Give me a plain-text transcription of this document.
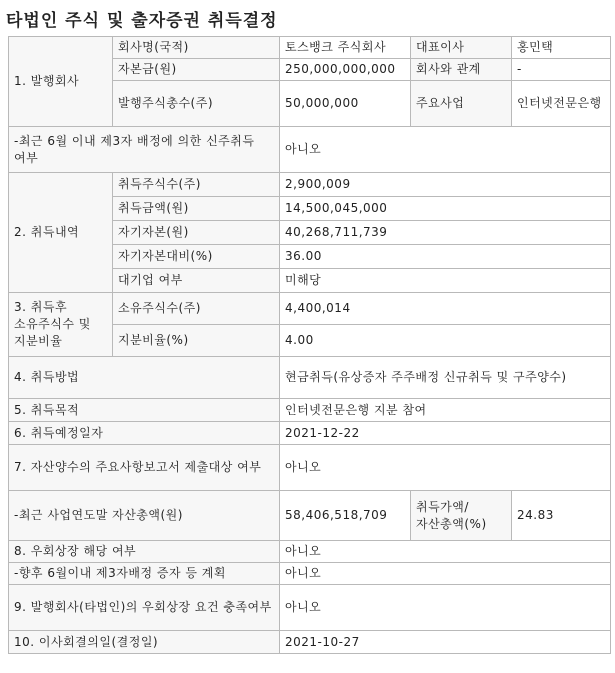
타법인 주식 및 출자증권 취득결정
1. 발행회사	회사명(국적)	토스뱅크 주식회사	대표이사	홍민택
	자본금(원)	250,000,000,000	회사와 관계	-
	발행주식총수(주)	50,000,000	주요사업	인터넷전문은행
-최근 6월 이내 제3자 배정에 의한 신주취득 여부		아니오		
2. 취득내역	취득주식수(주)	2,900,009		
	취득금액(원)	14,500,045,000		
	자기자본(원)	40,268,711,739		
	자기자본대비(%)	36.00		
	대기업 여부	미해당		
3. 취득후 소유주식수 및 지분비율	소유주식수(주)	4,400,014		
	지분비율(%)	4.00		
4. 취득방법		현금취득(유상증자 주주배정 신규취득 및 구주양수)		
5. 취득목적		인터넷전문은행 지분 참여		
6. 취득예정일자		2021-12-22		
7. 자산양수의 주요사항보고서 제출대상 여부		아니오		
-최근 사업연도말 자산총액(원)		58,406,518,709	취득가액/자산총액(%)	24.83
8. 우회상장 해당 여부		아니오		
-향후 6월이내 제3자배정 증자 등 계획		아니오		
9. 발행회사(타법인)의 우회상장 요건 충족여부		아니오		
10. 이사회결의일(결정일)		2021-10-27		
